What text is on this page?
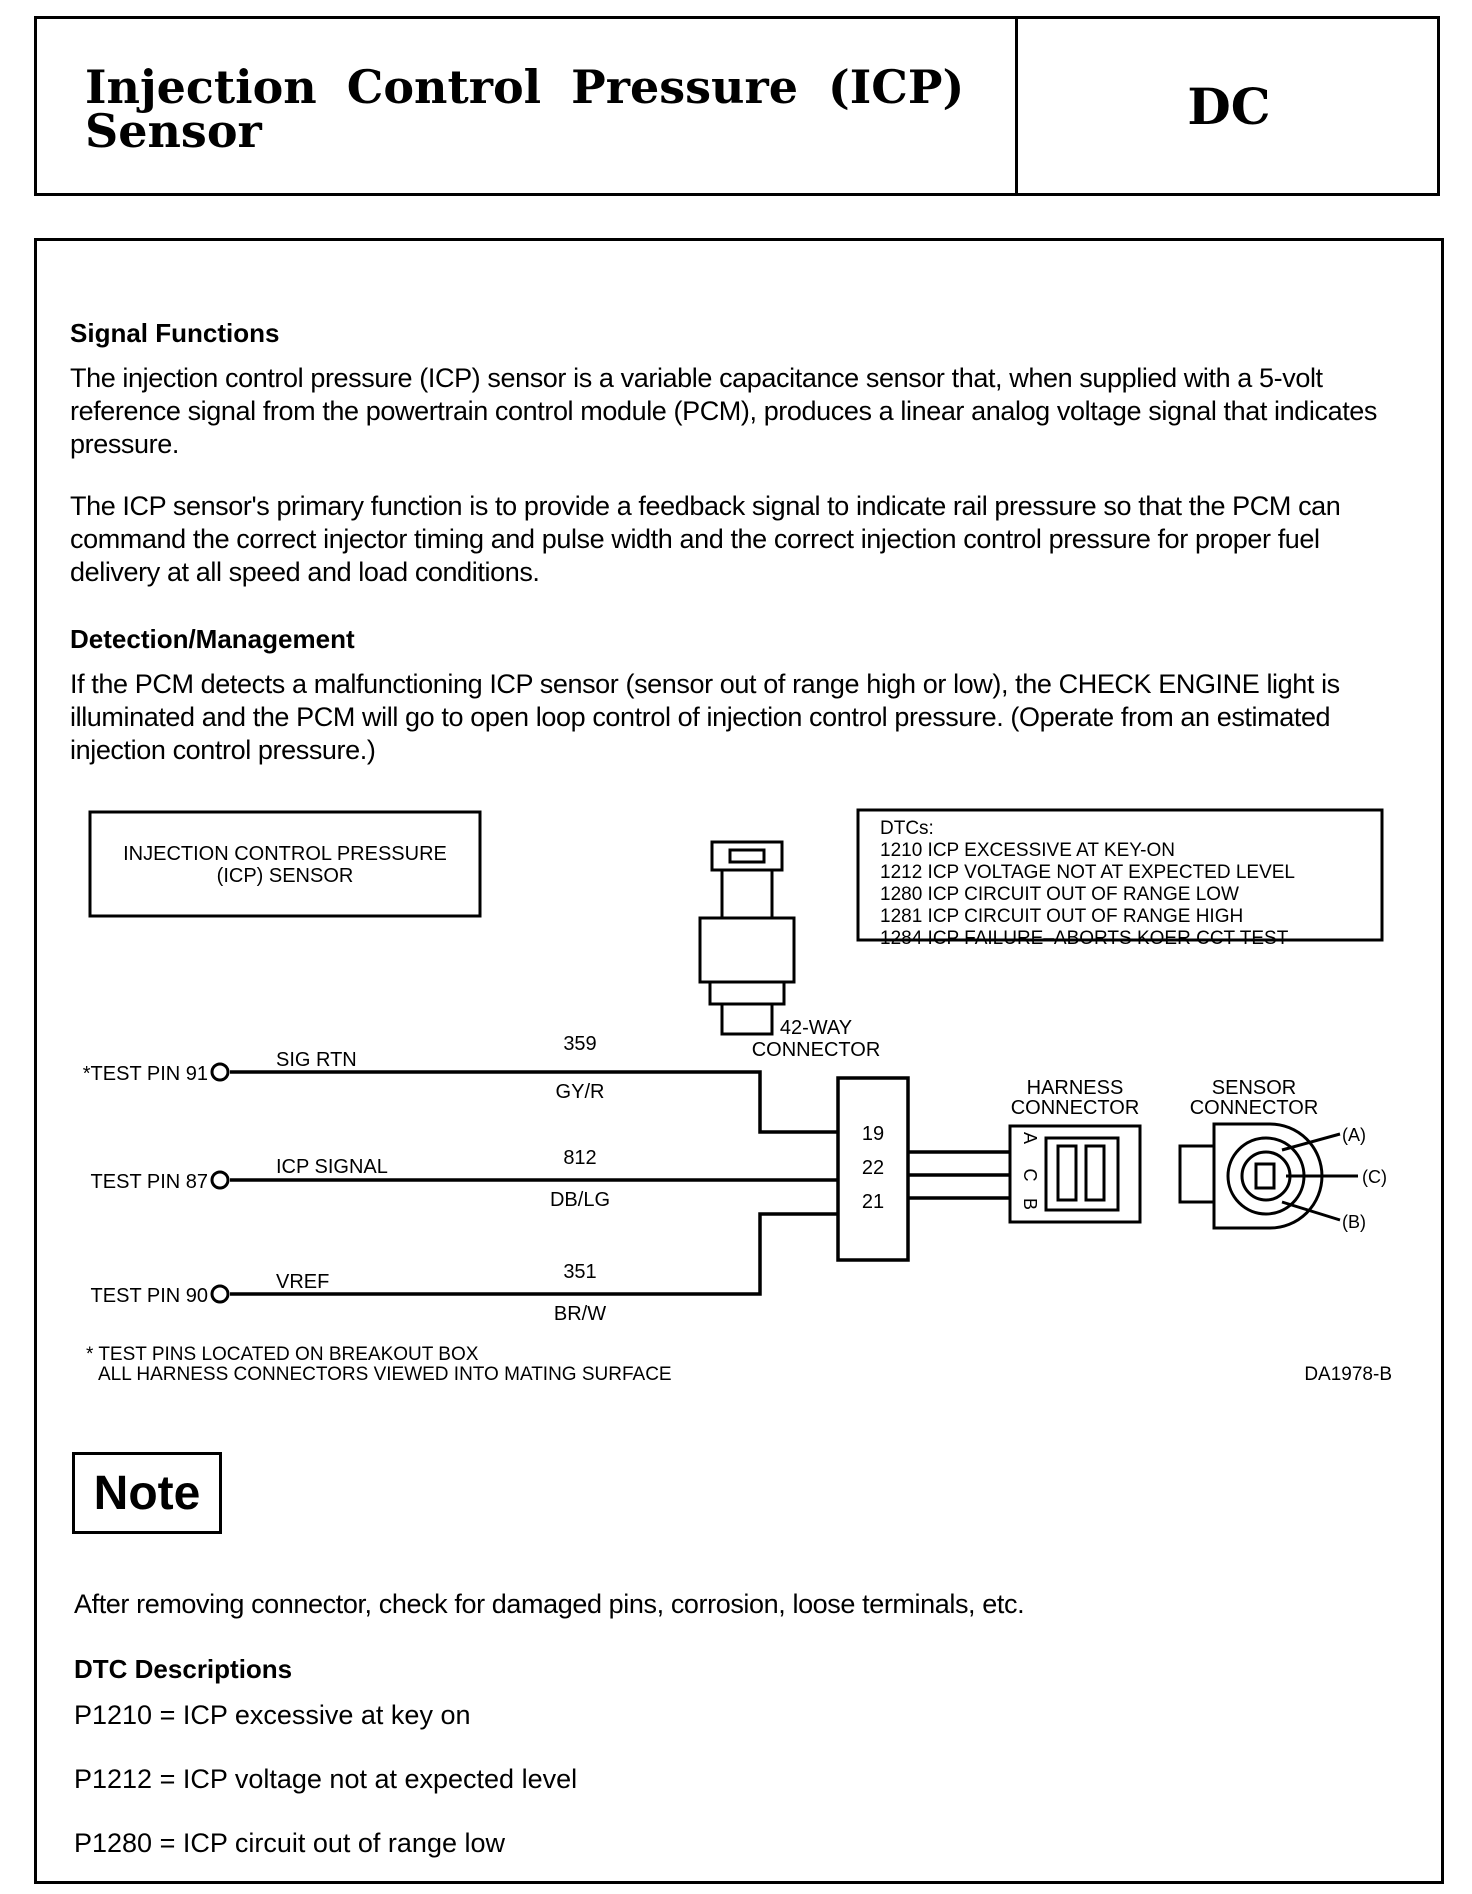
Injection Control Pressure (ICP)
Sensor	DC
Signal Functions

The injection control pressure (ICP) sensor is a variable capacitance sensor that, when supplied with a 5-volt reference signal from the powertrain control module (PCM), produces a linear analog voltage signal that indicates pressure.

The ICP sensor's primary function is to provide a feedback signal to indicate rail pressure so that the PCM can command the correct injector timing and pulse width and the correct injection control pressure for proper fuel delivery at all speed and load conditions.

Detection/Management

If the PCM detects a malfunctioning ICP sensor (sensor out of range high or low), the CHECK ENGINE light is illuminated and the PCM will go to open loop control of injection control pressure. (Operate from an estimated injection control pressure.)

INJECTION CONTROL PRESSURE
(ICP) SENSOR
DTCs:
1210 ICP EXCESSIVE AT KEY-ON
1212 ICP VOLTAGE NOT AT EXPECTED LEVEL
1280 ICP CIRCUIT OUT OF RANGE LOW
1281 ICP CIRCUIT OUT OF RANGE HIGH
1284 ICP FAILURE–ABORTS KOER CCT TEST
42-WAY
CONNECTOR
*TEST PIN 91
TEST PIN 87
TEST PIN 90
SIG RTN
ICP SIGNAL
VREF
359
812
351
GY/R
DB/LG
BR/W
19
22
21
HARNESS
CONNECTOR
A
C
B
SENSOR
CONNECTOR
(A)
(C)
(B)
* TEST PINS LOCATED ON BREAKOUT BOX
ALL HARNESS CONNECTORS VIEWED INTO MATING SURFACE	DA1978-B
Note

After removing connector, check for damaged pins, corrosion, loose terminals, etc.

DTC Descriptions

P1210 = ICP excessive at key on

P1212 = ICP voltage not at expected level

P1280 = ICP circuit out of range low
